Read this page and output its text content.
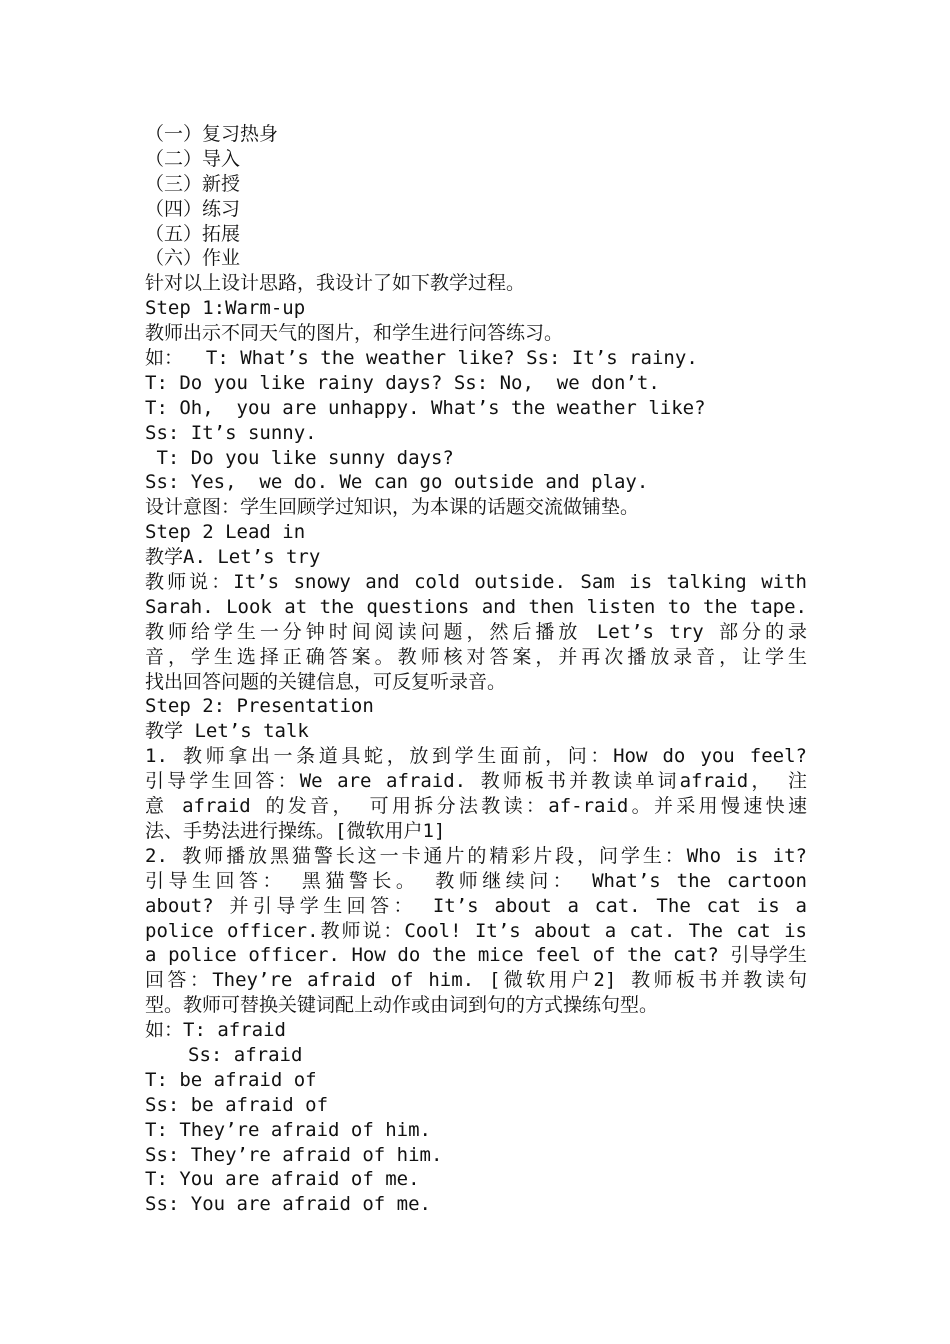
（一）复习热身
（二）导入
（三）新授
（四）练习
（五）拓展
（六）作业
针对以上设计思路，我设计了如下教学过程。
Step 1:Warm-up
教师出示不同天气的图片，和学生进行问答练习。
如：  T: What’s the weather like? Ss: It’s rainy.
T: Do you like rainy days? Ss: No,  we don’t.
T: Oh,  you are unhappy. What’s the weather like?
Ss: It’s sunny.
T: Do you like sunny days?
Ss: Yes,  we do. We can go outside and play.
设计意图：学生回顾学过知识，为本课的话题交流做铺垫。
Step 2 Lead in
教学A. Let’s try
教师说：It’s snowy and cold outside. Sam is talking with
Sarah. Look at the questions and then listen to the tape.
教师给学生一分钟时间阅读问题，然后播放 Let’s try 部分的录
音，学生选择正确答案。教师核对答案，并再次播放录音，让学生
找出回答问题的关键信息，可反复听录音。
Step 2: Presentation
教学 Let’s talk
1. 教师拿出一条道具蛇，放到学生面前，问：How do you feel?
引导学生回答：We are afraid. 教师板书并教读单词afraid， 注
意 afraid 的发音， 可用拆分法教读：af-raid。并采用慢速快速
法、手势法进行操练。[微软用户1]
2. 教师播放黑猫警长这一卡通片的精彩片段，问学生：Who is it?
引导生回答： 黑猫警长。 教师继续问： What’s the cartoon
about? 并引导学生回答： It’s about a cat. The cat is a
police officer.教师说：Cool! It’s about a cat. The cat is
a police officer. How do the mice feel of the cat? 引导学生
回答：They’re afraid of him. [微软用户2] 教师板书并教读句
型。教师可替换关键词配上动作或由词到句的方式操练句型。
如：T: afraid
Ss: afraid
T: be afraid of
Ss: be afraid of
T: They’re afraid of him.
Ss: They’re afraid of him.
T: You are afraid of me.
Ss: You are afraid of me.
